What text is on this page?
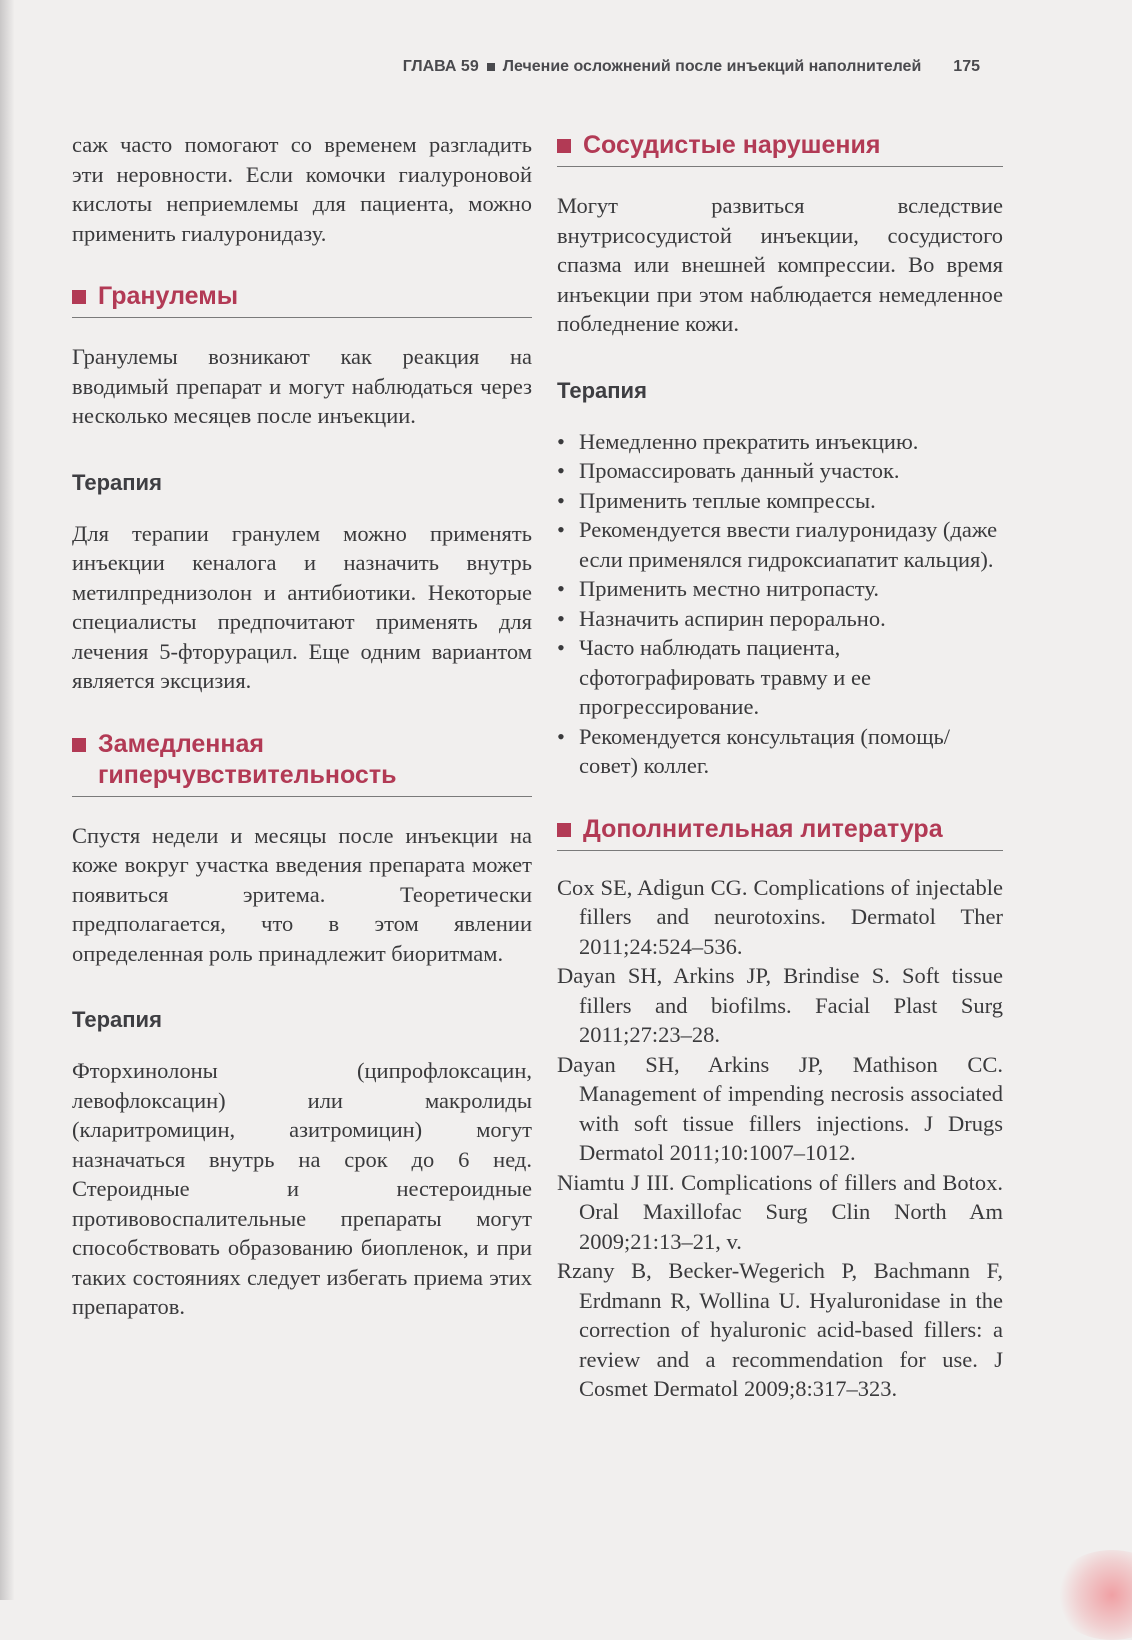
ГЛАВА 59 Лечение осложнений после инъекций наполнителей 175

саж часто помогают со временем разгладить эти неровности. Если комочки гиалуроновой кислоты неприемлемы для пациента, можно применить гиалуронидазу.

Гранулемы

Гранулемы возникают как реакция на вводимый препарат и могут наблюдаться через несколько месяцев после инъекции.

Терапия

Для терапии гранулем можно применять инъекции кеналога и назначить внутрь метилпреднизолон и антибиотики. Некоторые специалисты предпочитают применять для лечения 5-фторурацил. Еще одним вариантом является эксцизия.

Замедленная гиперчувствительность

Спустя недели и месяцы после инъекции на коже вокруг участка введения препарата может появиться эритема. Теоретически предполагается, что в этом явлении определенная роль принадлежит биоритмам.

Терапия

Фторхинолоны (ципрофлоксацин, левофлоксацин) или макролиды (кларитромицин, азитромицин) могут назначаться внутрь на срок до 6 нед. Стероидные и нестероидные противовоспалительные препараты могут способствовать образованию биопленок, и при таких состояниях следует избегать приема этих препаратов.

Сосудистые нарушения

Могут развиться вследствие внутрисосудистой инъекции, сосудистого спазма или внешней компрессии. Во время инъекции при этом наблюдается немедленное побледнение кожи.

Терапия
• Немедленно прекратить инъекцию.
• Промассировать данный участок.
• Применить теплые компрессы.
• Рекомендуется ввести гиалуронидазу (даже если применялся гидроксиапатит кальция).
• Применить местно нитропасту.
• Назначить аспирин перорально.
• Часто наблюдать пациента, сфотографировать травму и ее прогрессирование.
• Рекомендуется консультация (помощь/совет) коллег.
Дополнительная литература
Cox SE, Adigun CG. Complications of injectable fillers and neurotoxins. Dermatol Ther 2011;24:524–536.
Dayan SH, Arkins JP, Brindise S. Soft tissue fillers and biofilms. Facial Plast Surg 2011;27:23–28.
Dayan SH, Arkins JP, Mathison CC. Management of impending necrosis associated with soft tissue fillers injections. J Drugs Dermatol 2011;10:1007–1012.
Niamtu J III. Complications of fillers and Botox. Oral Maxillofac Surg Clin North Am 2009;21:13–21, v.
Rzany B, Becker-Wegerich P, Bachmann F, Erdmann R, Wollina U. Hyaluronidase in the correction of hyaluronic acid-based fillers: a review and a recommendation for use. J Cosmet Dermatol 2009;8:317–323.
